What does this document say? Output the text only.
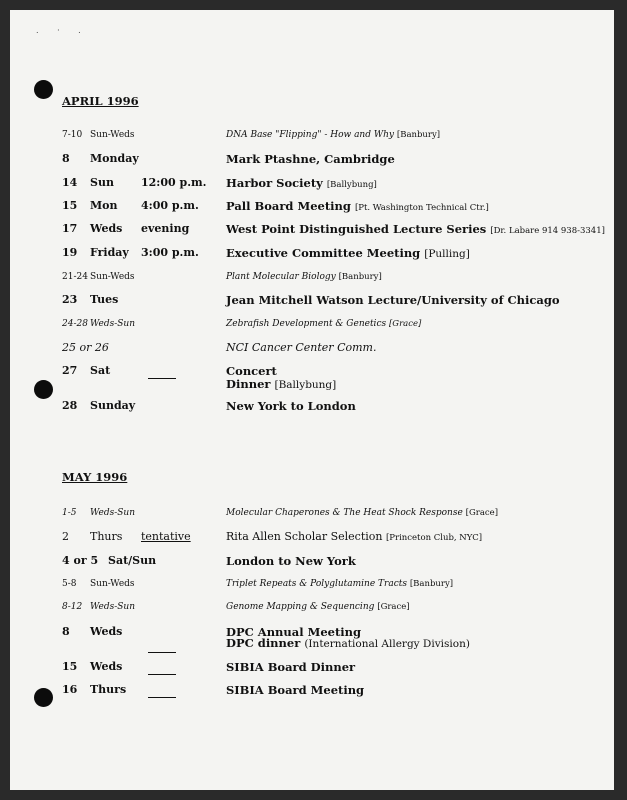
. · .
APRIL 1996
7-10 Sun-Weds	DNA Base "Flipping" - How and Why [Banbury]
8 Monday	Mark Ptashne, Cambridge
14 Sun 12:00 p.m. Harbor Society [Ballybung]
15 Mon 4:00 p.m. Pall Board Meeting [Pt. Washington Technical Ctr.]
17 Weds evening	West Point Distinguished Lecture Series [Dr. Labare 914 938-3341]
19 Friday 3:00 p.m. Executive Committee Meeting [Pulling]
21-24 Sun-Weds	Plant Molecular Biology [Banbury]
23 Tues	Jean Mitchell Watson Lecture/University of Chicago
24-28 Weds-Sun	Zebrafish Development & Genetics [Grace]
25 or 26	NCI Cancer Center Comm.
27 Sat	Concert
Dinner [Ballybung]
28 Sunday	New York to London
MAY 1996
1-5 Weds-Sun	Molecular Chaperones & The Heat Shock Response [Grace]
2 Thurs tentative	Rita Allen Scholar Selection [Princeton Club, NYC]
4 or 5 Sat/Sun	London to New York
5-8 Sun-Weds	Triplet Repeats & Polyglutamine Tracts [Banbury]
8-12 Weds-Sun	Genome Mapping & Sequencing [Grace]
8 Weds	DPC Annual Meeting
DPC dinner (International Allergy Division)
15 Weds	SIBIA Board Dinner
16 Thurs	SIBIA Board Meeting
